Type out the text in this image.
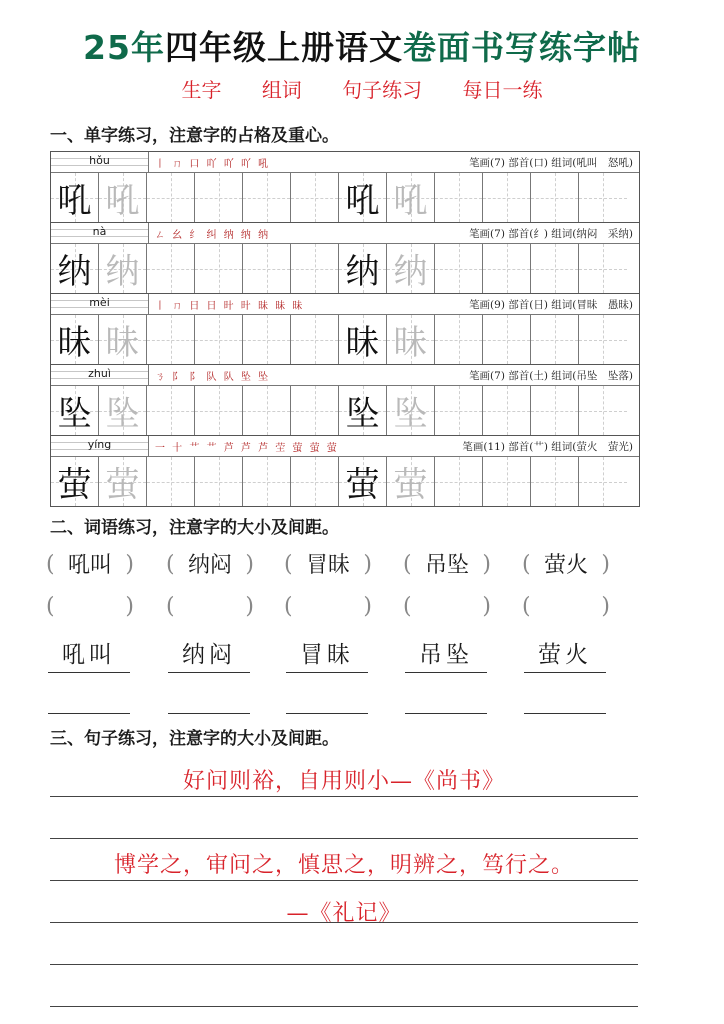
25年四年级上册语文卷面书写练字帖
生字 组词 句子练习 每日一练
一、单字练习，注意字的占格及重心。
hǒu	丨 ㄇ 口 吖 吖 吖 吼	笔画(7) 部首(口) 组词(吼叫　怒吼)
吼 吼	吼 吼
nà	ㄥ 幺 纟 纠 纳 纳 纳	笔画(7) 部首(纟) 组词(纳闷　采纳)
纳 纳	纳 纳
mèi	丨 ㄇ 日 日 旪 旪 昧 昧 昧	笔画(9) 部首(日) 组词(冒昧　愚昧)
昧 昧	昧 昧
zhuì	ㄋ 阝 阝 队 队 坠 坠	笔画(7) 部首(土) 组词(吊坠　坠落)
坠 坠	坠 坠
yíng	一 十 艹 艹 芦 芦 芦 茔 萤 萤 萤	笔画(11) 部首(艹) 组词(萤火　萤光)
萤 萤	萤 萤
二、词语练习，注意字的大小及间距。
( 吼叫 ) ( 纳闷 ) ( 冒昧 ) ( 吊坠 ) ( 萤火 )
(	) (	) (	) (	) (	)
吼叫	纳闷	冒昧	吊坠	萤火
三、句子练习，注意字的大小及间距。
好问则裕，自用则小—《尚书》
博学之，审问之，慎思之，明辨之，笃行之。
—《礼记》
